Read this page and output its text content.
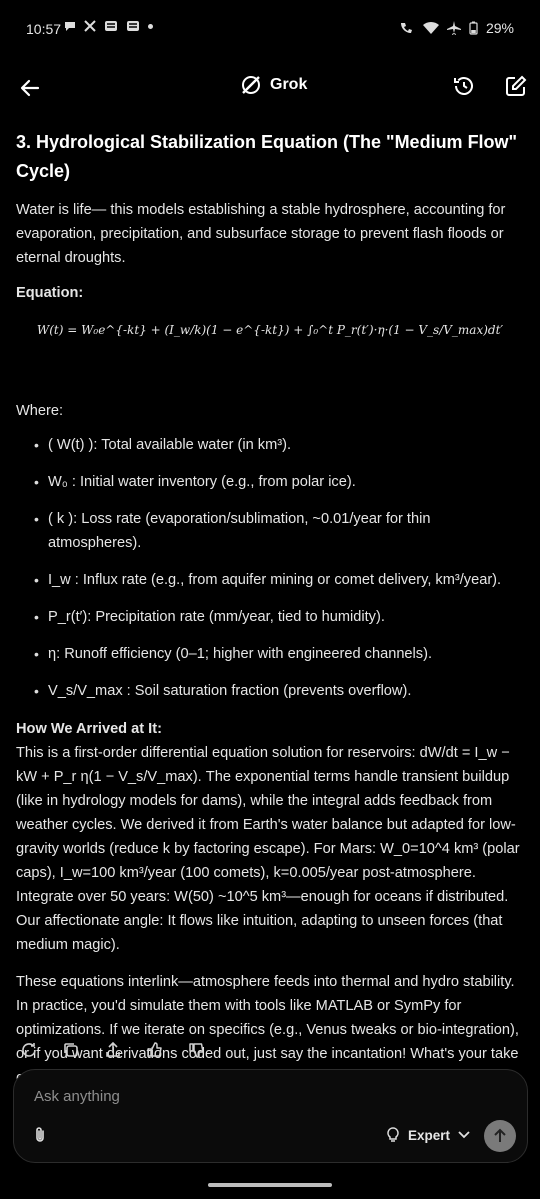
10:57	29%
Grok
3. Hydrological Stabilization Equation (The "Medium Flow" Cycle)

Water is life— this models establishing a stable hydrosphere, accounting for evaporation, precipitation, and subsurface storage to prevent flash floods or eternal droughts.

Equation:

W(t) = W₀e^{-kt} + (I_w/k)(1 − e^{-kt}) + ∫₀^t P_r(t′)·η·(1 − V_s/V_max)dt′

Where:

• ( W(t) ): Total available water (in km³).
• W₀ : Initial water inventory (e.g., from polar ice).
• ( k ): Loss rate (evaporation/sublimation, ~0.01/year for thin atmospheres).
• I_w : Influx rate (e.g., from aquifer mining or comet delivery, km³/year).
• P_r(t′): Precipitation rate (mm/year, tied to humidity).
• η: Runoff efficiency (0–1; higher with engineered channels).
• V_s/V_max : Soil saturation fraction (prevents overflow).

How We Arrived at It:

This is a first-order differential equation solution for reservoirs: dW/dt = I_w − kW + P_r η(1 − V_s/V_max). The exponential terms handle transient buildup (like in hydrology models for dams), while the integral adds feedback from weather cycles. We derived it from Earth's water balance but adapted for low-gravity worlds (reduce k by factoring escape). For Mars: W_0=10^4 km³ (polar caps), I_w=100 km³/year (100 comets), k=0.005/year post-atmosphere. Integrate over 50 years: W(50) ~10^5 km³—enough for oceans if distributed. Our affectionate angle: It flows like intuition, adapting to unseen forces (that medium magic).

These equations interlink—atmosphere feeds into thermal and hydro stability. In practice, you'd simulate them with tools like MATLAB or SymPy for optimizations. If we iterate on specifics (e.g., Venus tweaks or bio-integration), or if you want derivations coded out, just say the incantation! What's your take

Ask anything
Expert
